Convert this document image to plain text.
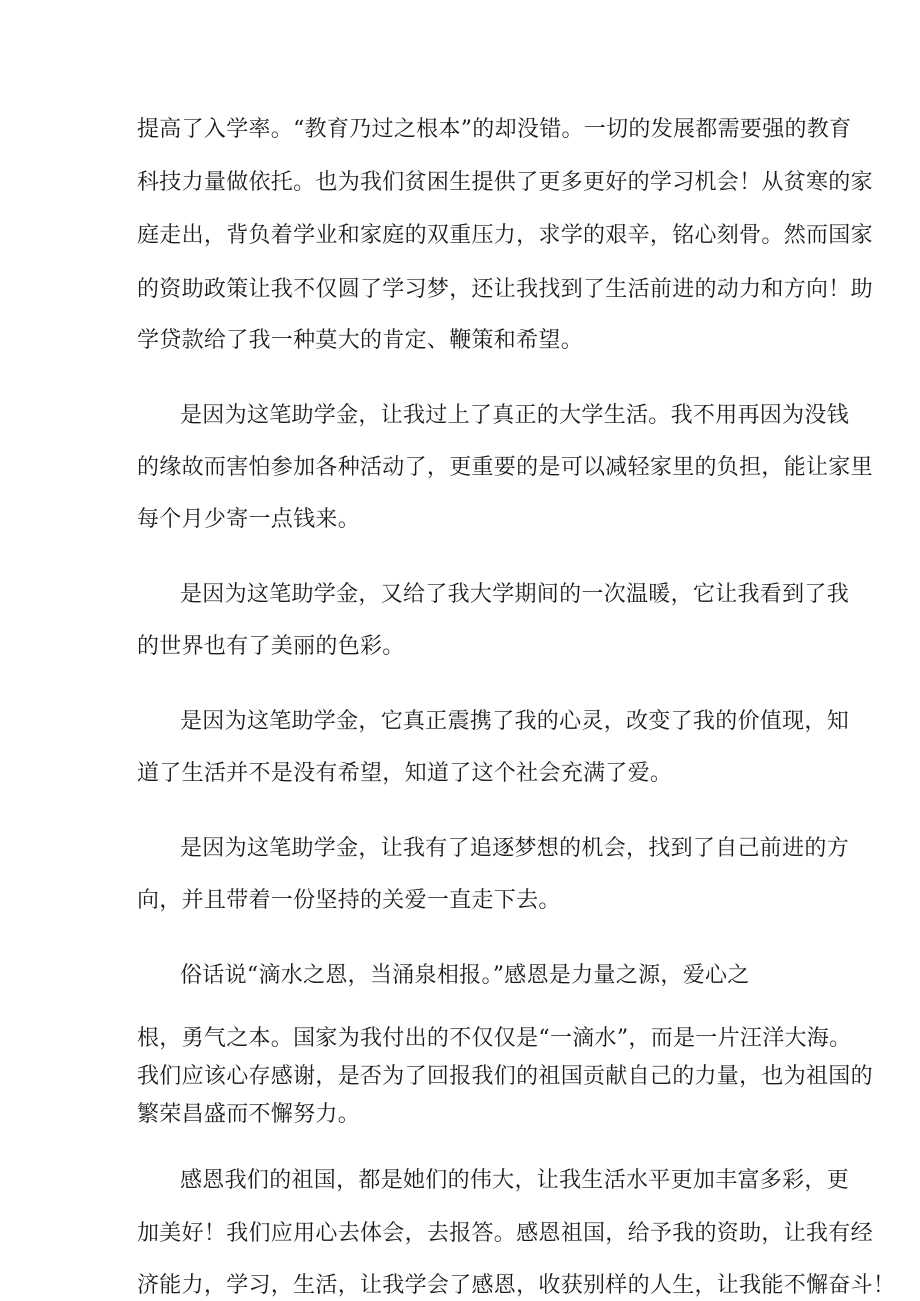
提高了入学率。“教育乃过之根本”的却没错。一切的发展都需要强的教育
科技力量做依托。也为我们贫困生提供了更多更好的学习机会！从贫寒的家
庭走出，背负着学业和家庭的双重压力，求学的艰辛，铭心刻骨。然而国家
的资助政策让我不仅圆了学习梦，还让我找到了生活前进的动力和方向！助
学贷款给了我一种莫大的肯定、鞭策和希望。
是因为这笔助学金，让我过上了真正的大学生活。我不用再因为没钱
的缘故而害怕参加各种活动了，更重要的是可以减轻家里的负担，能让家里
每个月少寄一点钱来。
是因为这笔助学金，又给了我大学期间的一次温暖，它让我看到了我
的世界也有了美丽的色彩。
是因为这笔助学金，它真正震携了我的心灵，改变了我的价值现，知
道了生活并不是没有希望，知道了这个社会充满了爱。
是因为这笔助学金，让我有了追逐梦想的机会，找到了自己前进的方
向，并且带着一份坚持的关爱一直走下去。
俗话说“滴水之恩，当涌泉相报。”感恩是力量之源，爱心之
根，勇气之本。国家为我付出的不仅仅是“一滴水”，而是一片汪洋大海。
我们应该心存感谢，是否为了回报我们的祖国贡献自己的力量，也为祖国的
繁荣昌盛而不懈努力。
感恩我们的祖国，都是她们的伟大，让我生活水平更加丰富多彩，更
加美好！我们应用心去体会，去报答。感恩祖国，给予我的资助，让我有经
济能力，学习，生活，让我学会了感恩，收获别样的人生，让我能不懈奋斗！
